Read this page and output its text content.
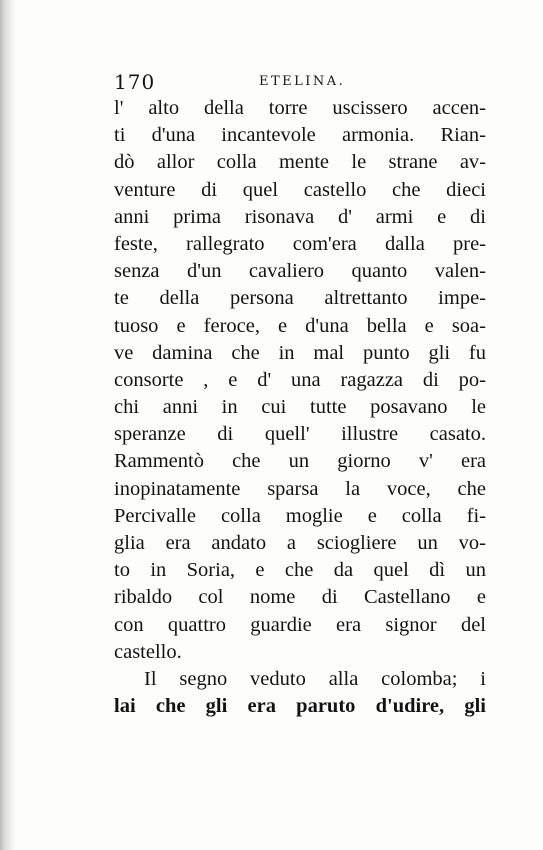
170	ETELINA.
l' alto della torre uscissero accen-
ti d'una incantevole armonia. Rian-
dò allor colla mente le strane av-
venture di quel castello che dieci
anni prima risonava d' armi e di
feste, rallegrato com'era dalla pre-
senza d'un cavaliero quanto valen-
te della persona altrettanto impe-
tuoso e feroce, e d'una bella e soa-
ve damina che in mal punto gli fu
consorte , e d' una ragazza di po-
chi anni in cui tutte posavano le
speranze di quell' illustre casato.
Rammentò che un giorno v' era
inopinatamente sparsa la voce, che
Percivalle colla moglie e colla fi-
glia era andato a sciogliere un vo-
to in Soria, e che da quel dì un
ribaldo col nome di Castellano e
con quattro guardie era signor del
castello.
Il segno veduto alla colomba; i
lai che gli era paruto d'udire, gli
